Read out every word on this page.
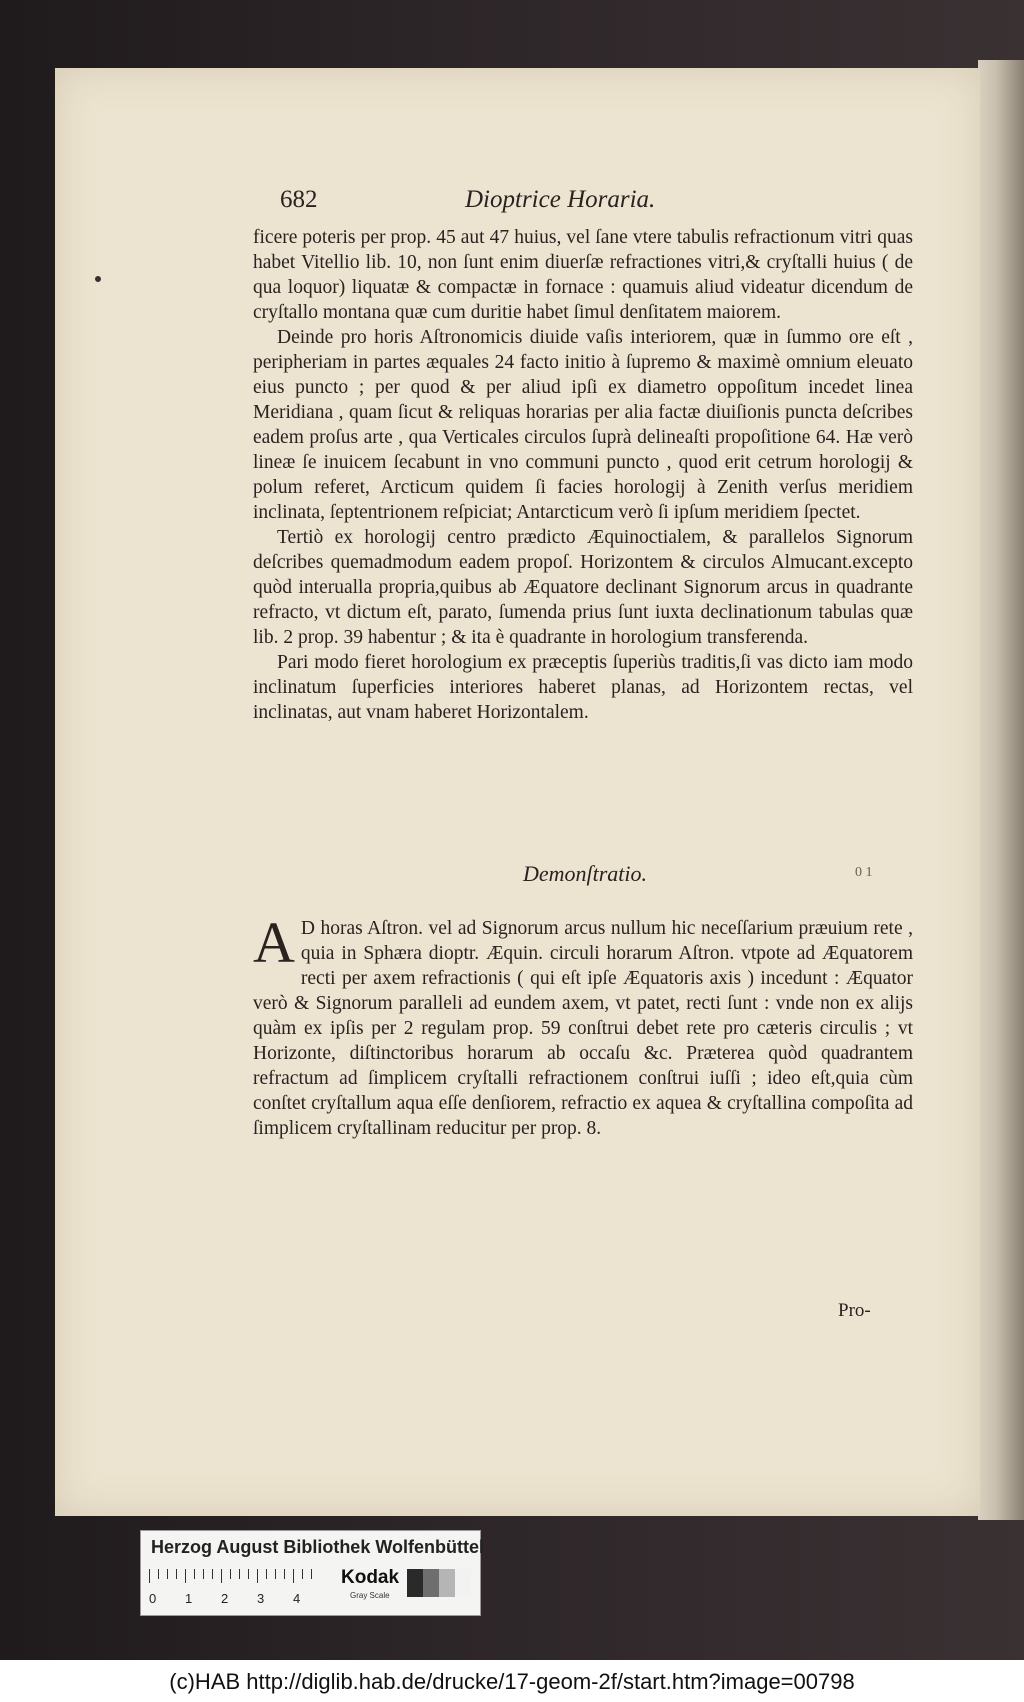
682	Dioptrice Horaria.

ficere poteris per prop. 45 aut 47 huius, vel ſane vtere tabulis refractionum vitri quas habet Vitellio lib. 10, non ſunt enim diuerſæ refractiones vitri,& cryſtalli huius ( de qua loquor) liquatæ & compactæ in fornace : quamuis aliud videatur dicendum de cryſtallo montana quæ cum duritie habet ſimul denſitatem maiorem.

Deinde pro horis Aſtronomicis diuide vaſis interiorem, quæ in ſummo ore eſt , peripheriam in partes æquales 24 facto initio à ſupremo & maximè omnium eleuato eius puncto ; per quod & per aliud ipſi ex diametro oppoſitum incedet linea Meridiana , quam ſicut & reliquas horarias per alia factæ diuiſionis puncta deſcribes eadem proſus arte , qua Verticales circulos ſuprà delineaſti propoſitione 64. Hæ verò lineæ ſe inuicem ſecabunt in vno communi puncto , quod erit cetrum horologij & polum referet, Arcticum quidem ſi facies horologij à Zenith verſus meridiem inclinata, ſeptentrionem reſpiciat; Antarcticum verò ſi ipſum meridiem ſpectet.

Tertiò ex horologij centro prædicto Æquinoctialem, & parallelos Signorum deſcribes quemadmodum eadem propoſ. Horizontem & circulos Almucant.excepto quòd interualla propria,quibus ab Æquatore declinant Signorum arcus in quadrante refracto, vt dictum eſt, parato, ſumenda prius ſunt iuxta declinationum tabulas quæ lib. 2 prop. 39 habentur ; & ita è quadrante in horologium transferenda.

Pari modo fieret horologium ex præceptis ſuperiùs traditis,ſi vas dicto iam modo inclinatum ſuperficies interiores haberet planas, ad Horizontem rectas, vel inclinatas, aut vnam haberet Horizontalem.

Demonſtratio.	0 1
A D horas Aſtron. vel ad Signorum arcus nullum hic neceſſarium præuium rete , quia in Sphæra dioptr. Æquin. circuli horarum Aſtron. vtpote ad Æquatorem recti per axem refractionis ( qui eſt ipſe Æquatoris axis ) incedunt : Æquator verò & Signorum paralleli ad eundem axem, vt patet, recti ſunt : vnde non ex alijs quàm ex ipſis per 2 regulam prop. 59 conſtrui debet rete pro cæteris circulis ; vt Horizonte, diſtinctoribus horarum ab occaſu &c. Præterea quòd quadrantem refractum ad ſimplicem cryſtalli refractionem conſtrui iuſſi ; ideo eſt,quia cùm conſtet cryſtallum aqua eſſe denſiorem, refractio ex aquea & cryſtallina compoſita ad ſimplicem cryſtallinam reducitur per prop. 8.

Pro-
Herzog August Bibliothek Wolfenbüttel
0 1 2 3 4
Kodak
Gray Scale
(c)HAB http://diglib.hab.de/drucke/17-geom-2f/start.htm?image=00798
